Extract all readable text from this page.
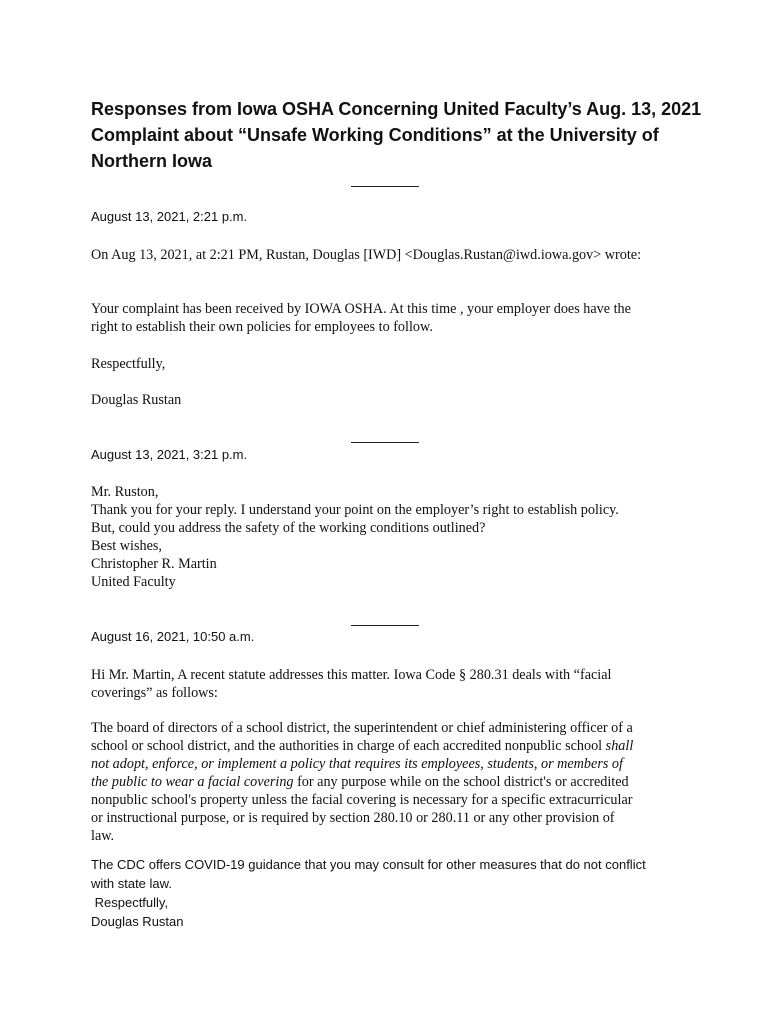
Responses from Iowa OSHA Concerning United Faculty’s Aug. 13, 2021
Complaint about “Unsafe Working Conditions” at the University of
Northern Iowa
August 13, 2021, 2:21 p.m.
On Aug 13, 2021, at 2:21 PM, Rustan, Douglas [IWD] <Douglas.Rustan@iwd.iowa.gov> wrote:
Your complaint has been received by IOWA OSHA. At this time , your employer does have the
right to establish their own policies for employees to follow.
Respectfully,
Douglas Rustan
August 13, 2021, 3:21 p.m.
Mr. Ruston,
Thank you for your reply. I understand your point on the employer’s right to establish policy.
But, could you address the safety of the working conditions outlined?
Best wishes,
Christopher R. Martin
United Faculty
August 16, 2021, 10:50 a.m.
Hi Mr. Martin, A recent statute addresses this matter. Iowa Code § 280.31 deals with “facial
coverings” as follows:
The board of directors of a school district, the superintendent or chief administering officer of a
school or school district, and the authorities in charge of each accredited nonpublic school shall
not adopt, enforce, or implement a policy that requires its employees, students, or members of
the public to wear a facial covering for any purpose while on the school district's or accredited
nonpublic school's property unless the facial covering is necessary for a specific extracurricular
or instructional purpose, or is required by section 280.10 or 280.11 or any other provision of
law.
The CDC offers COVID-19 guidance that you may consult for other measures that do not conflict
with state law.
Respectfully,
Douglas Rustan
